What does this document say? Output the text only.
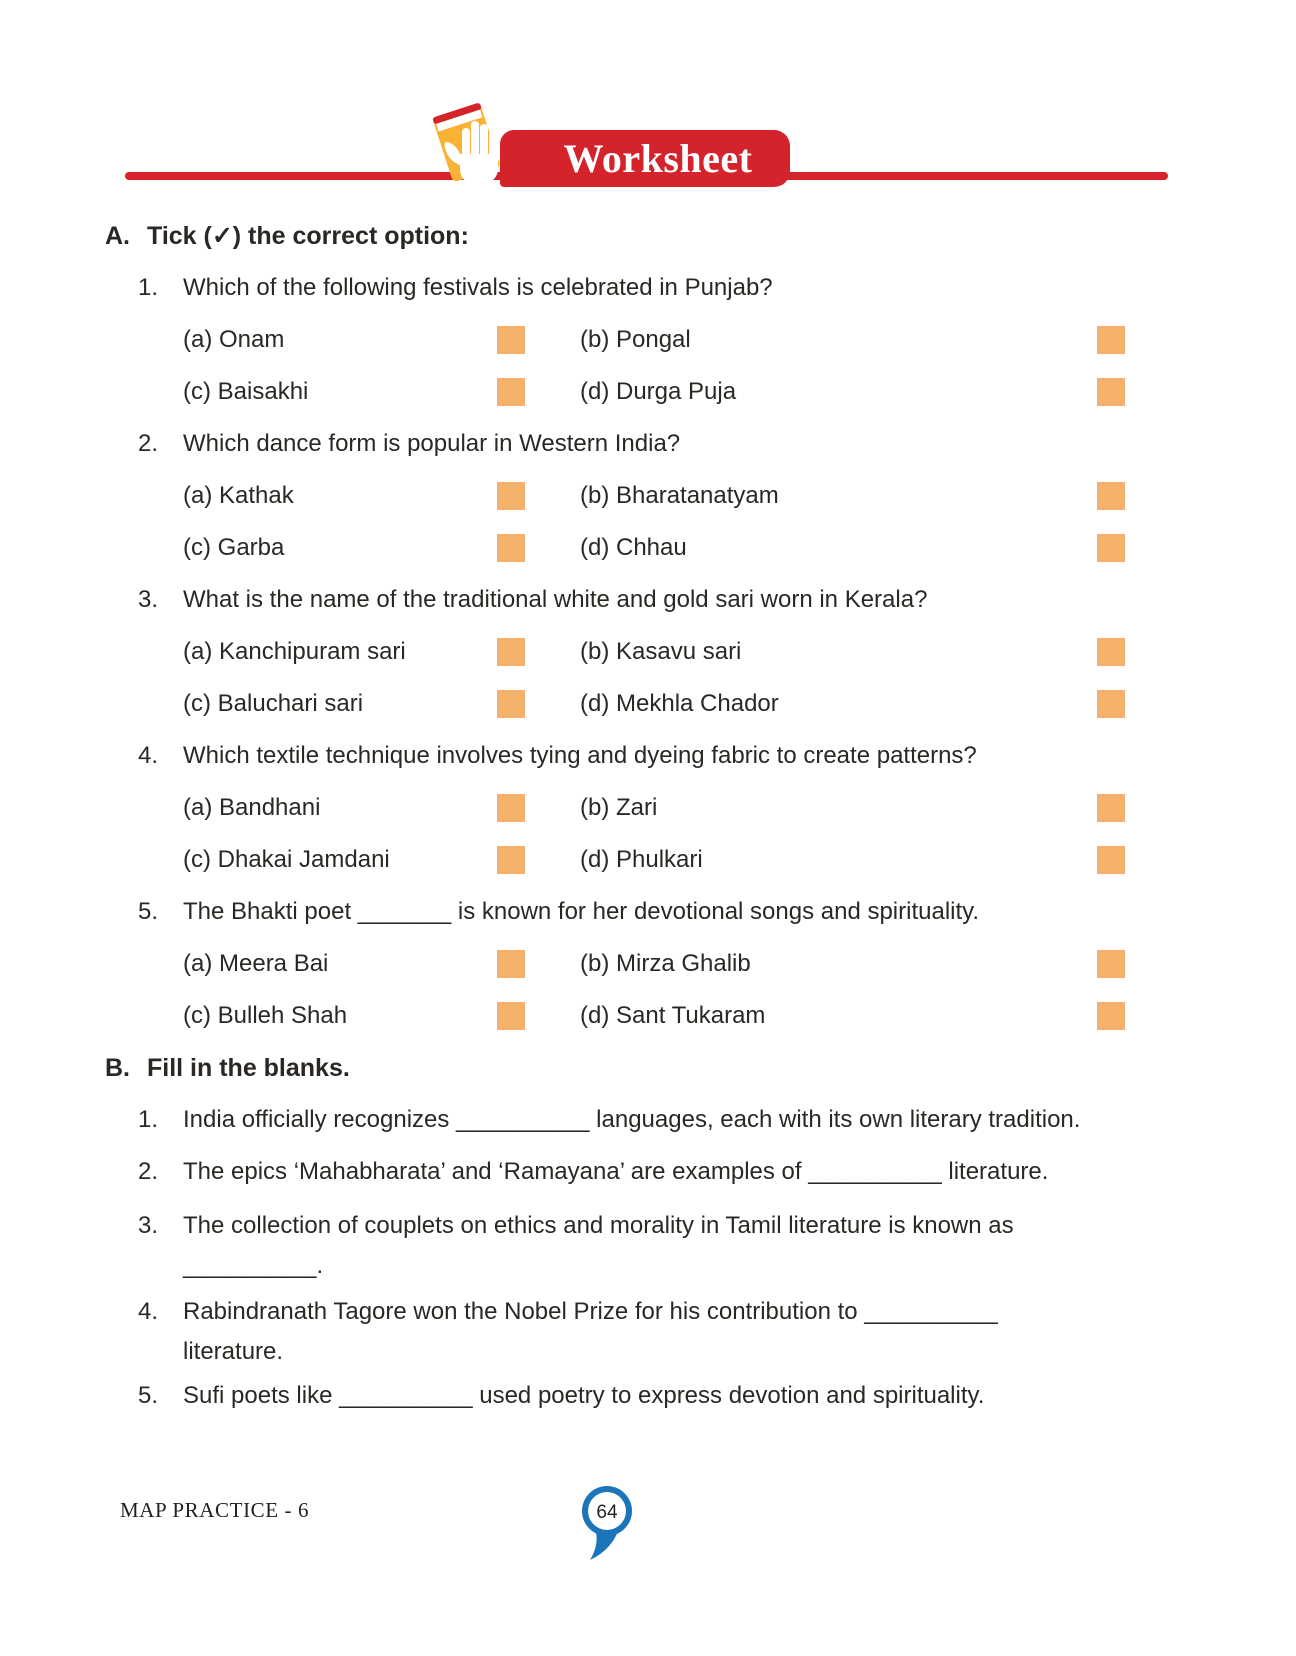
Worksheet
A. Tick (✓) the correct option:
1.	Which of the following festivals is celebrated in Punjab?
(a) Onam	(b) Pongal
(c) Baisakhi	(d) Durga Puja
2.	Which dance form is popular in Western India?
(a) Kathak	(b) Bharatanatyam
(c) Garba	(d) Chhau
3.	What is the name of the traditional white and gold sari worn in Kerala?
(a) Kanchipuram sari	(b) Kasavu sari
(c) Baluchari sari	(d) Mekhla Chador
4.	Which textile technique involves tying and dyeing fabric to create patterns?
(a) Bandhani	(b) Zari
(c) Dhakai Jamdani	(d) Phulkari
5.	The Bhakti poet _______ is known for her devotional songs and spirituality.
(a) Meera Bai	(b) Mirza Ghalib
(c) Bulleh Shah	(d) Sant Tukaram
B. Fill in the blanks.
1.	India officially recognizes __________ languages, each with its own literary tradition.
2.	The epics ‘Mahabharata’ and ‘Ramayana’ are examples of __________ literature.
3.	The collection of couplets on ethics and morality in Tamil literature is known as
__________.
4.	Rabindranath Tagore won the Nobel Prize for his contribution to __________
literature.
5.	Sufi poets like __________ used poetry to express devotion and spirituality.
MAP PRACTICE - 6	64
